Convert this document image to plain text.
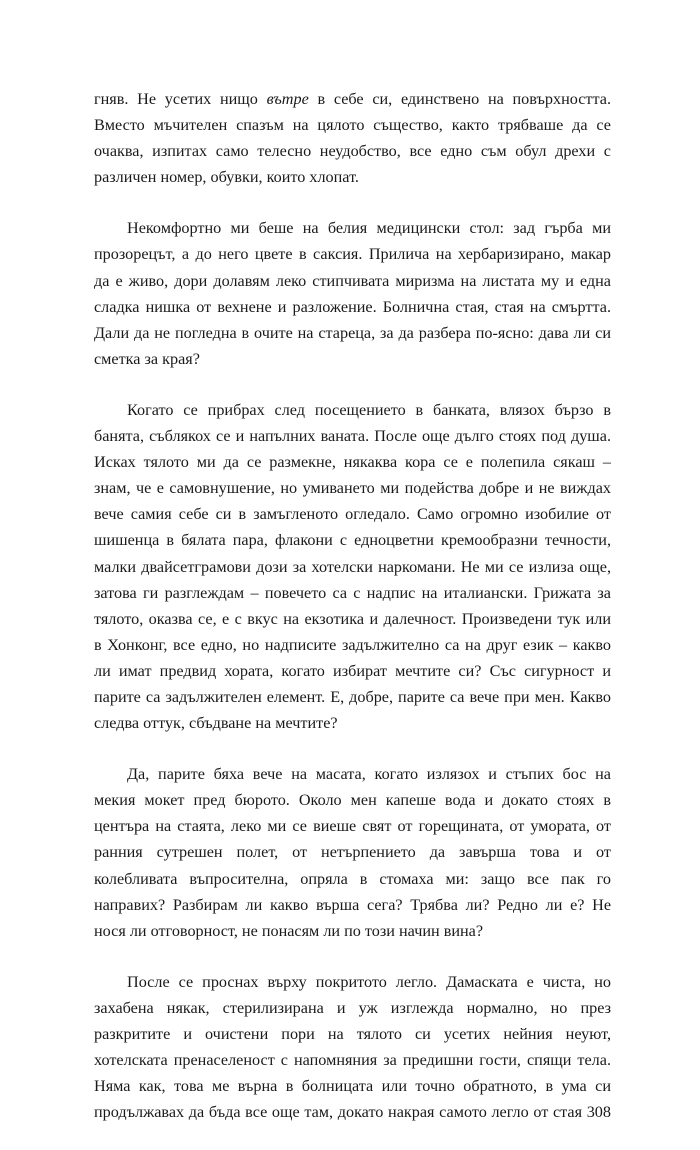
гняв. Не усетих нищо вътре в себе си, единствено на повърхността.
Вместо мъчителен спазъм на цялото същество, както трябваше да се
очаква, изпитах само телесно неудобство, все едно съм обул дрехи с
различен номер, обувки, които хлопат.
Некомфортно ми беше на белия медицински стол: зад гърба ми
прозорецът, а до него цвете в саксия. Прилича на хербаризирано, макар
да е живо, дори долавям леко стипчивата миризма на листата му и една
сладка нишка от вехнене и разложение. Болнична стая, стая на смъртта.
Дали да не погледна в очите на стареца, за да разбера по-ясно: дава ли си
сметка за края?
Когато се прибрах след посещението в банката, влязох бързо в
банята, съблякох се и напълних ваната. После още дълго стоях под душа.
Исках тялото ми да се размекне, някаква кора се е полепила сякаш –
знам, че е самовнушение, но умиването ми подейства добре и не виждах
вече самия себе си в замъгленото огледало. Само огромно изобилие от
шишенца в бялата пара, флакони с едноцветни кремообразни течности,
малки двайсетграмови дози за хотелски наркомани. Не ми се излиза още,
затова ги разглеждам – повечето са с надпис на италиански. Грижата за
тялото, оказва се, е с вкус на екзотика и далечност. Произведени тук или
в Хонконг, все едно, но надписите задължително са на друг език – какво
ли имат предвид хората, когато избират мечтите си? Със сигурност и
парите са задължителен елемент. Е, добре, парите са вече при мен. Какво
следва оттук, сбъдване на мечтите?
Да, парите бяха вече на масата, когато излязох и стъпих бос на
мекия мокет пред бюрото. Около мен капеше вода и докато стоях в
центъра на стаята, леко ми се виеше свят от горещината, от умората, от
ранния сутрешен полет, от нетърпението да завърша това и от
колебливата въпросителна, опряла в стомаха ми: защо все пак го
направих? Разбирам ли какво върша сега? Трябва ли? Редно ли е? Не
нося ли отговорност, не понасям ли по този начин вина?
После се проснах върху покритото легло. Дамаската е чиста, но
захабена някак, стерилизирана и уж изглежда нормално, но през
разкритите и очистени пори на тялото си усетих нейния неуют,
хотелската пренаселеност с напомняния за предишни гости, спящи тела.
Няма как, това ме върна в болницата или точно обратното, в ума си
продължавах да бъда все още там, докато накрая самото легло от стая 308
